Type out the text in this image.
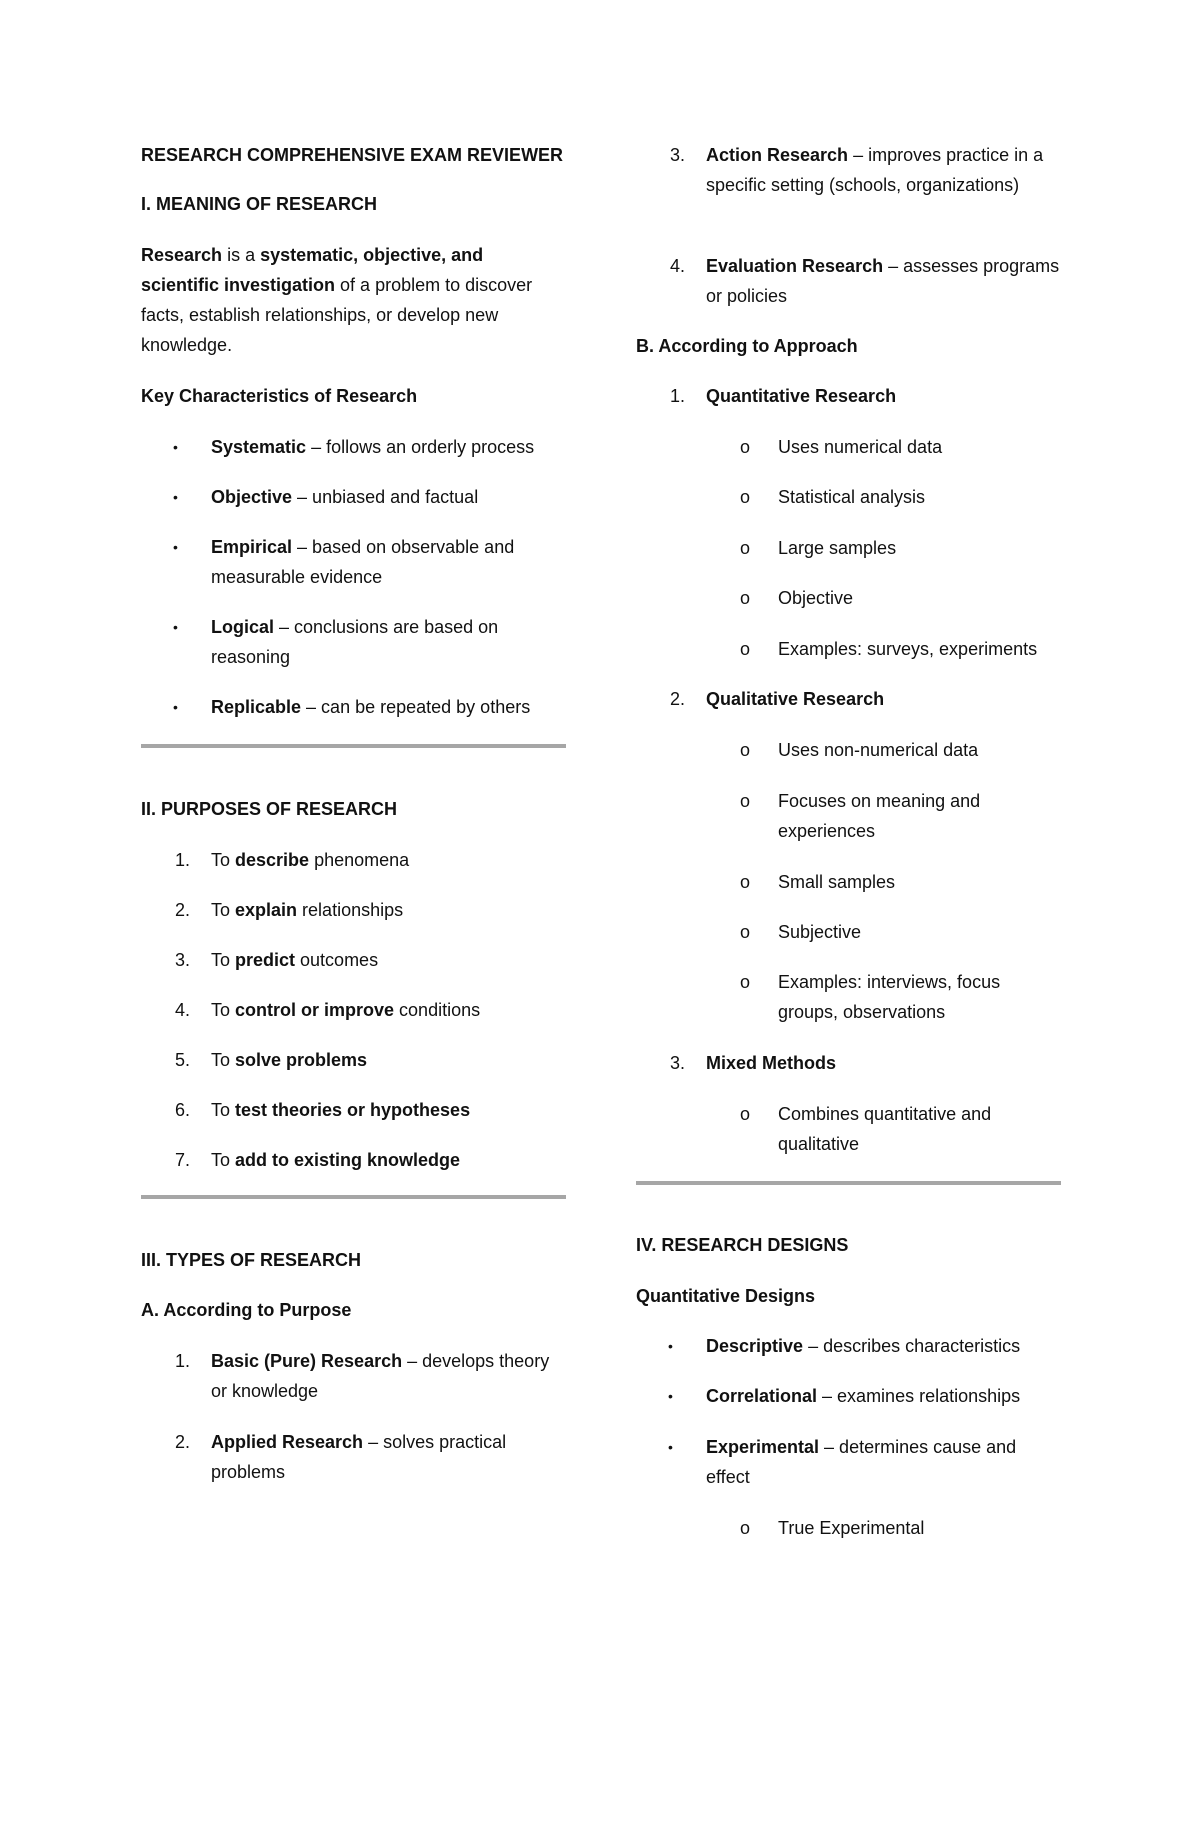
RESEARCH COMPREHENSIVE EXAM REVIEWER

I. MEANING OF RESEARCH

Research is a systematic, objective, and scientific investigation of a problem to discover facts, establish relationships, or develop new knowledge.

Key Characteristics of Research

• Systematic – follows an orderly process
• Objective – unbiased and factual
• Empirical – based on observable and measurable evidence
• Logical – conclusions are based on reasoning
• Replicable – can be repeated by others

II. PURPOSES OF RESEARCH

1. To describe phenomena
2. To explain relationships
3. To predict outcomes
4. To control or improve conditions
5. To solve problems
6. To test theories or hypotheses
7. To add to existing knowledge

III. TYPES OF RESEARCH

A. According to Purpose

1. Basic (Pure) Research – develops theory or knowledge
2. Applied Research – solves practical problems
3. Action Research – improves practice in a specific setting (schools, organizations)
4. Evaluation Research – assesses programs or policies

B. According to Approach

1. Quantitative Research
o Uses numerical data
o Statistical analysis
o Large samples
o Objective
o Examples: surveys, experiments
2. Qualitative Research
o Uses non-numerical data
o Focuses on meaning and experiences
o Small samples
o Subjective
o Examples: interviews, focus groups, observations
3. Mixed Methods
o Combines quantitative and qualitative

IV. RESEARCH DESIGNS

Quantitative Designs

• Descriptive – describes characteristics
• Correlational – examines relationships
• Experimental – determines cause and effect
o True Experimental
